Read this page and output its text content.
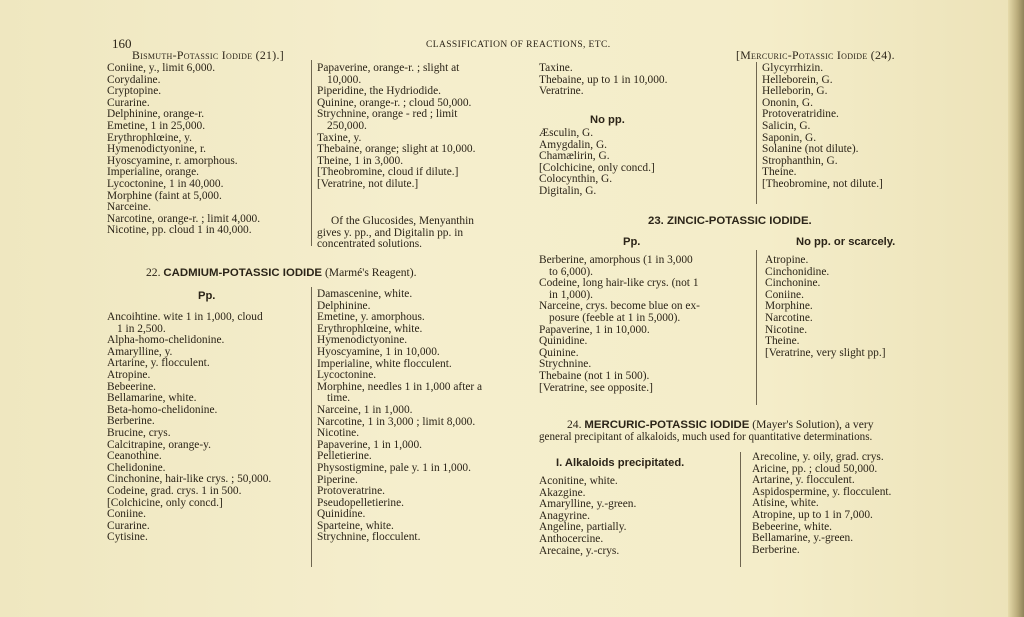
160	CLASSIFICATION OF REACTIONS, ETC.
Bismuth-Potassic Iodide (21).]
Coniine, y., limit 6,000.
Corydaline.
Cryptopine.
Curarine.
Delphinine, orange-r.
Emetine, 1 in 25,000.
Erythrophlœine, y.
Hymenodictyonine, r.
Hyoscyamine, r. amorphous.
Imperialine, orange.
Lycoctonine, 1 in 40,000.
Morphine (faint at 5,000.
Narceine.
Narcotine, orange-r. ; limit 4,000.
Nicotine, pp. cloud 1 in 40,000.
Papaverine, orange-r. ; slight at
10,000.
Piperidine, the Hydriodide.
Quinine, orange-r. ; cloud 50,000.
Strychnine, orange - red ; limit
250,000.
Taxine, y.
Thebaine, orange; slight at 10,000.
Theine, 1 in 3,000.
[Theobromine, cloud if dilute.]
[Veratrine, not dilute.]
Of the Glucosides, Menyanthin
gives y. pp., and Digitalin pp. in
concentrated solutions.
22. CADMIUM-POTASSIC IODIDE (Marmé's Reagent).
Pp.
Ancoihtine. wite 1 in 1,000, cloud
1 in 2,500.
Alpha-homo-chelidonine.
Amarylline, y.
Artarine, y. flocculent.
Atropine.
Bebeerine.
Bellamarine, white.
Beta-homo-chelidonine.
Berberine.
Brucine, crys.
Calcitrapine, orange-y.
Ceanothine.
Chelidonine.
Cinchonine, hair-like crys. ; 50,000.
Codeine, grad. crys. 1 in 500.
[Colchicine, only concd.]
Coniine.
Curarine.
Cytisine.
Damascenine, white.
Delphinine.
Emetine, y. amorphous.
Erythrophlœine, white.
Hymenodictyonine.
Hyoscyamine, 1 in 10,000.
Imperialine, white flocculent.
Lycoctonine.
Morphine, needles 1 in 1,000 after a
time.
Narceine, 1 in 1,000.
Narcotine, 1 in 3,000 ; limit 8,000.
Nicotine.
Papaverine, 1 in 1,000.
Pelletierine.
Physostigmine, pale y. 1 in 1,000.
Piperine.
Protoveratrine.
Pseudopelletierine.
Quinidine.
Sparteine, white.
Strychnine, flocculent.
Taxine.
Thebaine, up to 1 in 10,000.
Veratrine.
No pp.
Æsculin, G.
Amygdalin, G.
Chamælirin, G.
[Colchicine, only concd.]
Colocynthin, G.
Digitalin, G.
[Mercuric-Potassic Iodide (24).
Glycyrrhizin.
Helleborein, G.
Helleborin, G.
Ononin, G.
Protoveratridine.
Salicin, G.
Saponin, G.
Solanine (not dilute).
Strophanthin, G.
Theine.
[Theobromine, not dilute.]
23. ZINCIC-POTASSIC IODIDE.
Pp.	No pp. or scarcely.
Berberine, amorphous (1 in 3,000
to 6,000).
Codeine, long hair-like crys. (not 1
in 1,000).
Narceine, crys. become blue on ex-
posure (feeble at 1 in 5,000).
Papaverine, 1 in 10,000.
Quinidine.
Quinine.
Strychnine.
Thebaine (not 1 in 500).
[Veratrine, see opposite.]
Atropine.
Cinchonidine.
Cinchonine.
Coniine.
Morphine.
Narcotine.
Nicotine.
Theine.
[Veratrine, very slight pp.]
24. MERCURIC-POTASSIC IODIDE (Mayer's Solution), a very
general precipitant of alkaloids, much used for quantitative determinations.
I. Alkaloids precipitated.
Aconitine, white.
Akazgine.
Amarylline, y.-green.
Anagyrine.
Angeline, partially.
Anthocercine.
Arecaine, y.-crys.
Arecoline, y. oily, grad. crys.
Aricine, pp. ; cloud 50,000.
Artarine, y. flocculent.
Aspidospermine, y. flocculent.
Atisine, white.
Atropine, up to 1 in 7,000.
Bebeerine, white.
Bellamarine, y.-green.
Berberine.
